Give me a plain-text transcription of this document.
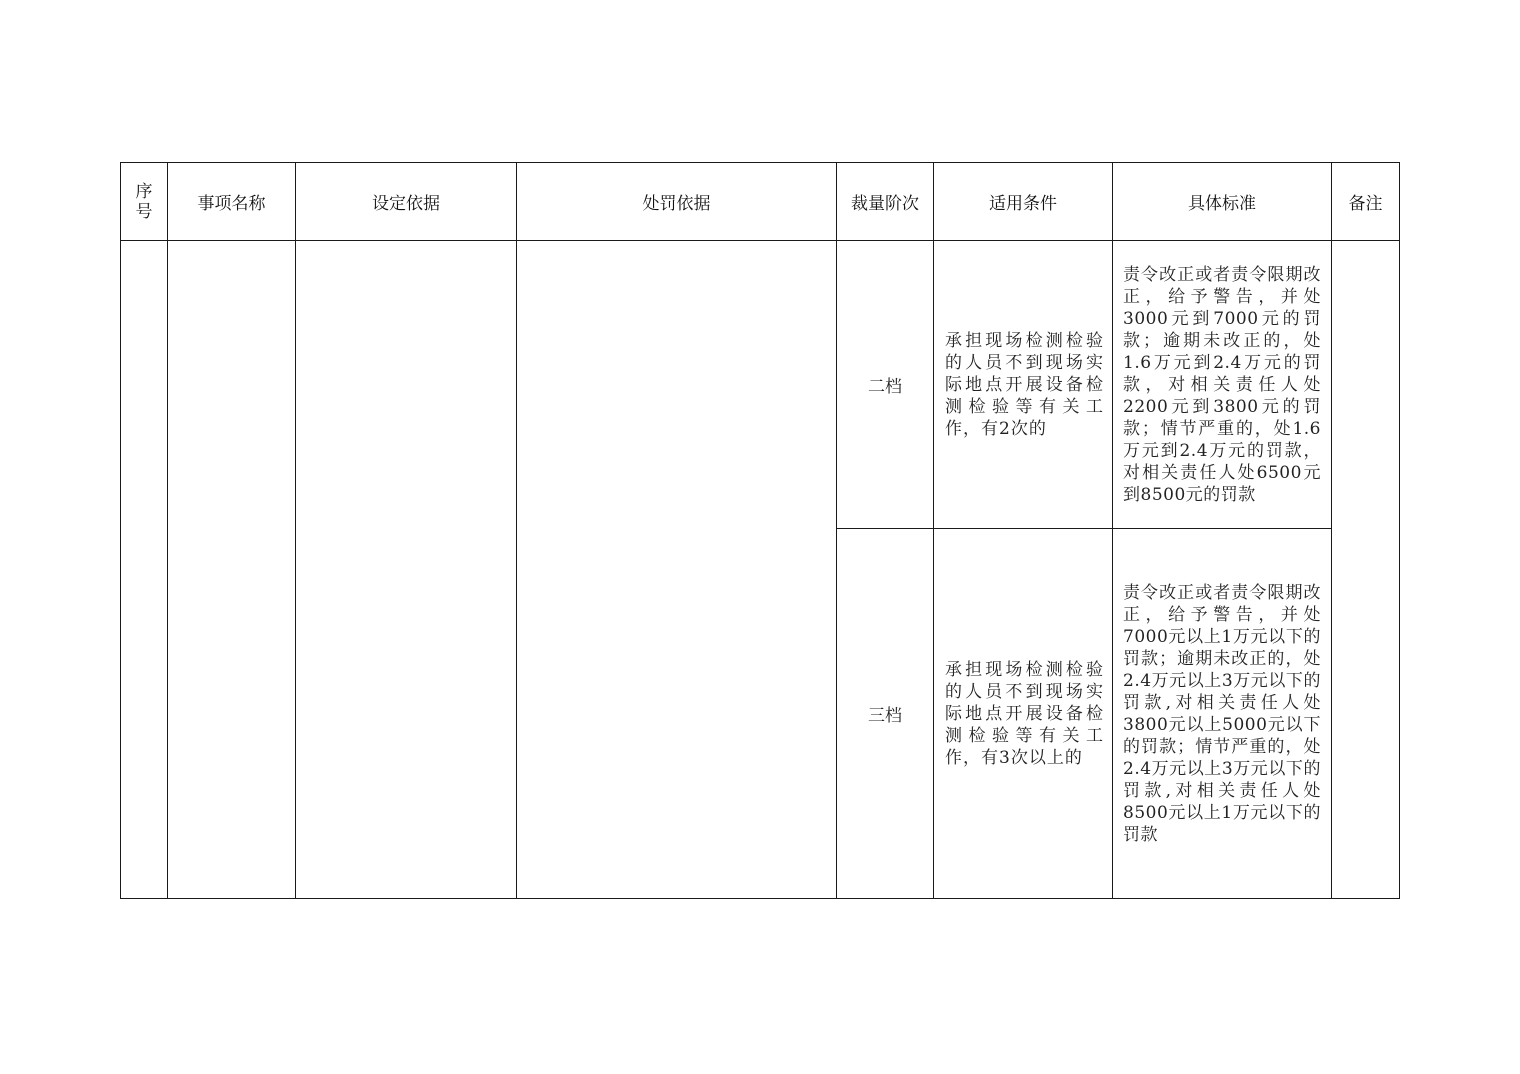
序号	事项名称	设定依据	处罚依据	裁量阶次	适用条件	具体标准	备注
				二档	承担现场检测检验的人员不到现场实际地点开展设备检测检验等有关工作，有2次的	责令改正或者责令限期改正，给予警告，并处3000元到7000元的罚款；逾期未改正的，处1.6万元到2.4万元的罚款，对相关责任人处2200元到3800元的罚款；情节严重的，处1.6万元到2.4万元的罚款，对相关责任人处6500元到8500元的罚款	
				三档	承担现场检测检验的人员不到现场实际地点开展设备检测检验等有关工作，有3次以上的	责令改正或者责令限期改正，给予警告，并处7000元以上1万元以下的罚款；逾期未改正的，处2.4万元以上3万元以下的罚款,对相关责任人处3800元以上5000元以下的罚款；情节严重的，处2.4万元以上3万元以下的罚款,对相关责任人处8500元以上1万元以下的罚款	
